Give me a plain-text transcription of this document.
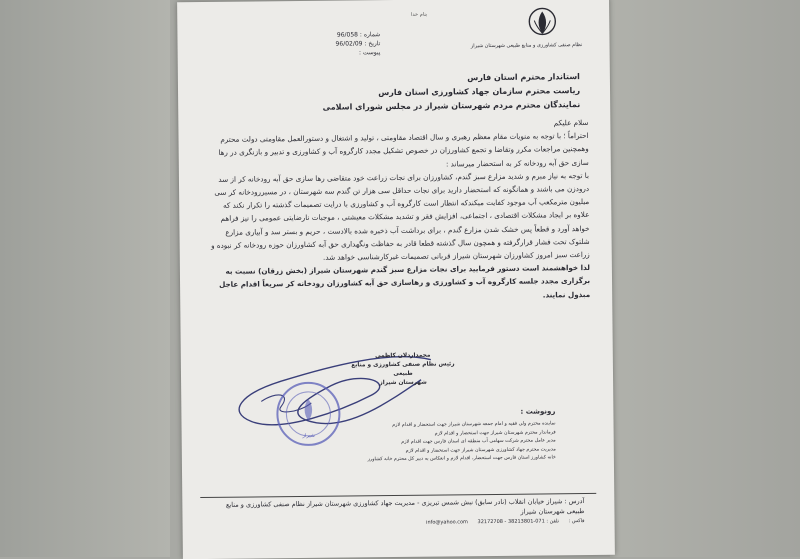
نظام صنفی کشاورزی و منابع طبیعی شهرستان شیراز
بنام خدا
شماره : 96/058
تاریخ : 96/02/09
پیوست :
استاندار محترم استان فارس
ریاست محترم سازمان جهاد کشاورزی استان فارس
نمایندگان محترم مردم شهرستان شیراز در مجلس شورای اسلامی

سلام علیکم

احتراماً ؛ با توجه به منویات مقام معظم رهبری و سال اقتصاد مقاومتی ، تولید و اشتغال و دستورالعمل مقاومتی دولت محترم وهمچنین مراجعات مکرر وتقاضا و تجمع کشاورزان در خصوص تشکیل مجدد کارگروه آب و کشاورزی و تدبیر و بازنگری در رها سازی حق آبه رودخانه کر به استحضار میرساند :

با توجه به نیاز مبرم و شدید مزارع سبز گندم، کشاورزان برای نجات زراعت خود متقاضی رها سازی حق آبه رودخانه کر از سد درودزن می باشند و همانگونه که استحضار دارید برای نجات حداقل سی هزار تن گندم سه شهرستان ، در مسیررودخانه کر سی میلیون مترمکعب آب موجود کفایت میکندکه انتظار است کارگروه آب و کشاورزی با درایت تصمیمات گذشته را تکرار نکند که علاوه بر ایجاد مشکلات اقتصادی ، اجتماعی، افزایش فقر و تشدید مشکلات معیشتی ، موجبات نارضایتی عمومی را نیز فراهم خواهد آورد و قطعاً پس خشک شدن مزارع گندم ، برای برداشت آب ذخیره شده بالادست ، حریم و بستر سد و آبیاری مزارع شلتوک تحت فشار قرارگرفته و همچون سال گذشته قطعا قادر به حفاظت ونگهداری حق آبه کشاورزان حوزه رودخانه کر نبوده و زراعت سبز امروز کشاورزان شهرستان شیراز قربانی تصمیمات غیرکارشناسی خواهد شد.

لذا خواهشمند است دستور فرمایید برای نجات مزارع سبز گندم شهرستان شیراز (بخش زرقان) نسبت به برگزاری مجدد جلسه کارگروه آب و کشاورزی و رهاسازی حق آبه کشاورزان رودخانه کر سریعاً اقدام عاجل مبذول نمایند.

محمداردلان کاظمی
رئیس نظام صنفی کشاورزی و منابع طبیعی
شهرستان شیراز
شیراز
رونوشت :
نماینده محترم ولی فقیه و امام جمعه شهرستان شیراز جهت استحضار و اقدام لازم
فرماندار محترم شهرستان شیراز جهت استحضار و اقدام لازم
مدیر عامل محترم شرکت سهامی آب منطقه ای استان فارس جهت اقدام لازم
مدیریت محترم جهاد کشاورزی شهرستان شیراز جهت استحضار و اقدام لازم
خانه کشاورز استان فارس جهت استحضار، اقدام لازم و انعکاس به دبیر کل محترم خانه کشاورز
آدرس : شیراز خیابان انقلاب (نادر سابق) نبش شمس تبریزی - مدیریت جهاد کشاورزی شهرستان شیراز نظام صنفی کشاورزی و منابع طبیعی شهرستان شیراز
info@yahoo.com	فاکس : تلفن : 071-38213801 - 32172708
